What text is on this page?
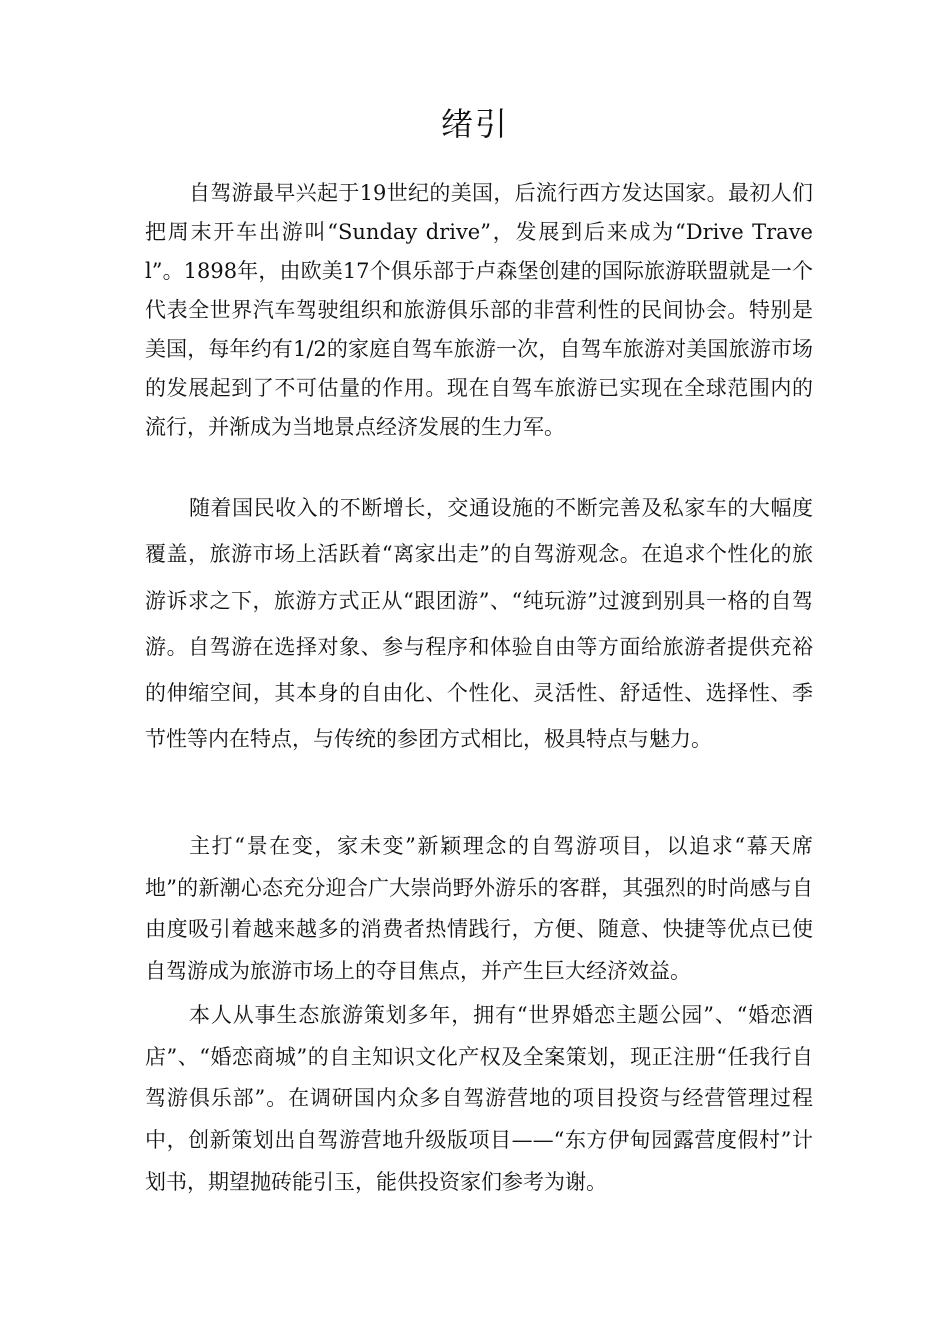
绪引

自驾游最早兴起于19世纪的美国，后流行西方发达国家。最初人们把周末开车出游叫“Sunday drive”，发展到后来成为“Drive Travel”。1898年，由欧美17个俱乐部于卢森堡创建的国际旅游联盟就是一个代表全世界汽车驾驶组织和旅游俱乐部的非营利性的民间协会。特别是美国，每年约有1/2的家庭自驾车旅游一次，自驾车旅游对美国旅游市场的发展起到了不可估量的作用。现在自驾车旅游已实现在全球范围内的流行，并渐成为当地景点经济发展的生力军。

随着国民收入的不断增长，交通设施的不断完善及私家车的大幅度覆盖，旅游市场上活跃着“离家出走”的自驾游观念。在追求个性化的旅游诉求之下，旅游方式正从“跟团游”、“纯玩游”过渡到别具一格的自驾游。自驾游在选择对象、参与程序和体验自由等方面给旅游者提供充裕的伸缩空间，其本身的自由化、个性化、灵活性、舒适性、选择性、季节性等内在特点，与传统的参团方式相比，极具特点与魅力。

主打“景在变，家未变”新颖理念的自驾游项目，以追求“幕天席地”的新潮心态充分迎合广大崇尚野外游乐的客群，其强烈的时尚感与自由度吸引着越来越多的消费者热情践行，方便、随意、快捷等优点已使自驾游成为旅游市场上的夺目焦点，并产生巨大经济效益。

本人从事生态旅游策划多年，拥有“世界婚恋主题公园”、“婚恋酒店”、“婚恋商城”的自主知识文化产权及全案策划，现正注册“任我行自驾游俱乐部”。在调研国内众多自驾游营地的项目投资与经营管理过程中，创新策划出自驾游营地升级版项目——“东方伊甸园露营度假村”计划书，期望抛砖能引玉，能供投资家们参考为谢。
